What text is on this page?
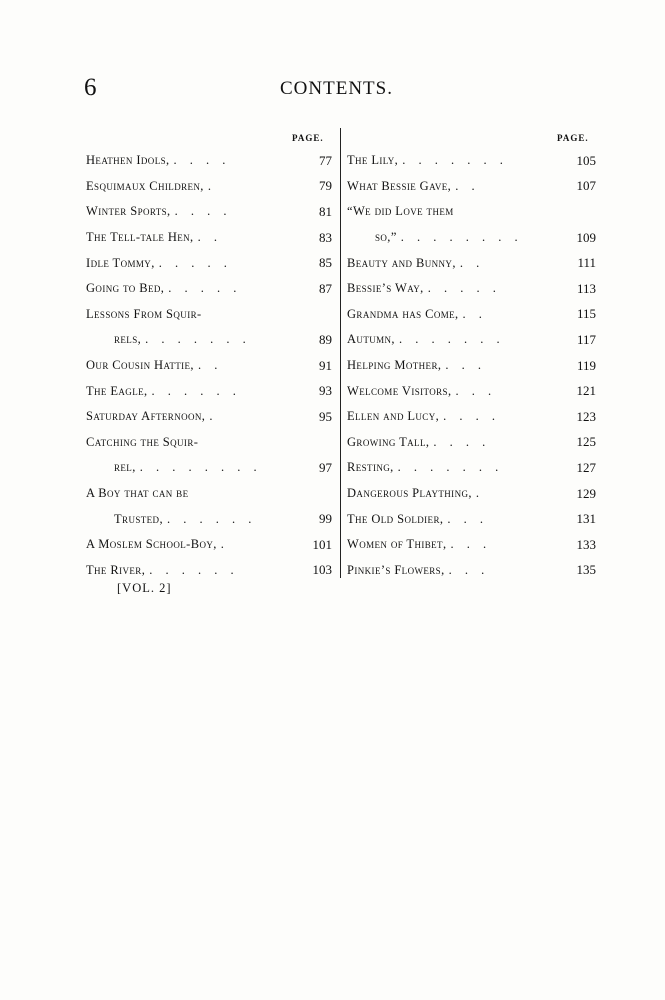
6	CONTENTS.
PAGE.	PAGE.
Heathen Idols, . . . .	77
Esquimaux Children, .	79
Winter Sports, . . . .	81
The Tell-tale Hen, . .	83
Idle Tommy, . . . . .	85
Going to Bed, . . . . .	87
Lessons From Squir-
rels, . . . . . . .	89
Our Cousin Hattie, . .	91
The Eagle, . . . . . .	93
Saturday Afternoon, .	95
Catching the Squir-
rel, . . . . . . . .	97
A Boy that can be
Trusted, . . . . . .	99
A Moslem School-Boy, .	101
The River, . . . . . .	103
The Lily, . . . . . . .	105
What Bessie Gave, . .	107
“We did Love them
so,” . . . . . . . .	109
Beauty and Bunny, . .	111
Bessie’s Way, . . . . .	113
Grandma has Come, . .	115
Autumn, . . . . . . .	117
Helping Mother, . . .	119
Welcome Visitors, . . .	121
Ellen and Lucy, . . . .	123
Growing Tall, . . . .	125
Resting, . . . . . . .	127
Dangerous Plaything, .	129
The Old Soldier, . . .	131
Women of Thibet, . . .	133
Pinkie’s Flowers, . . .	135
[VOL. 2]
